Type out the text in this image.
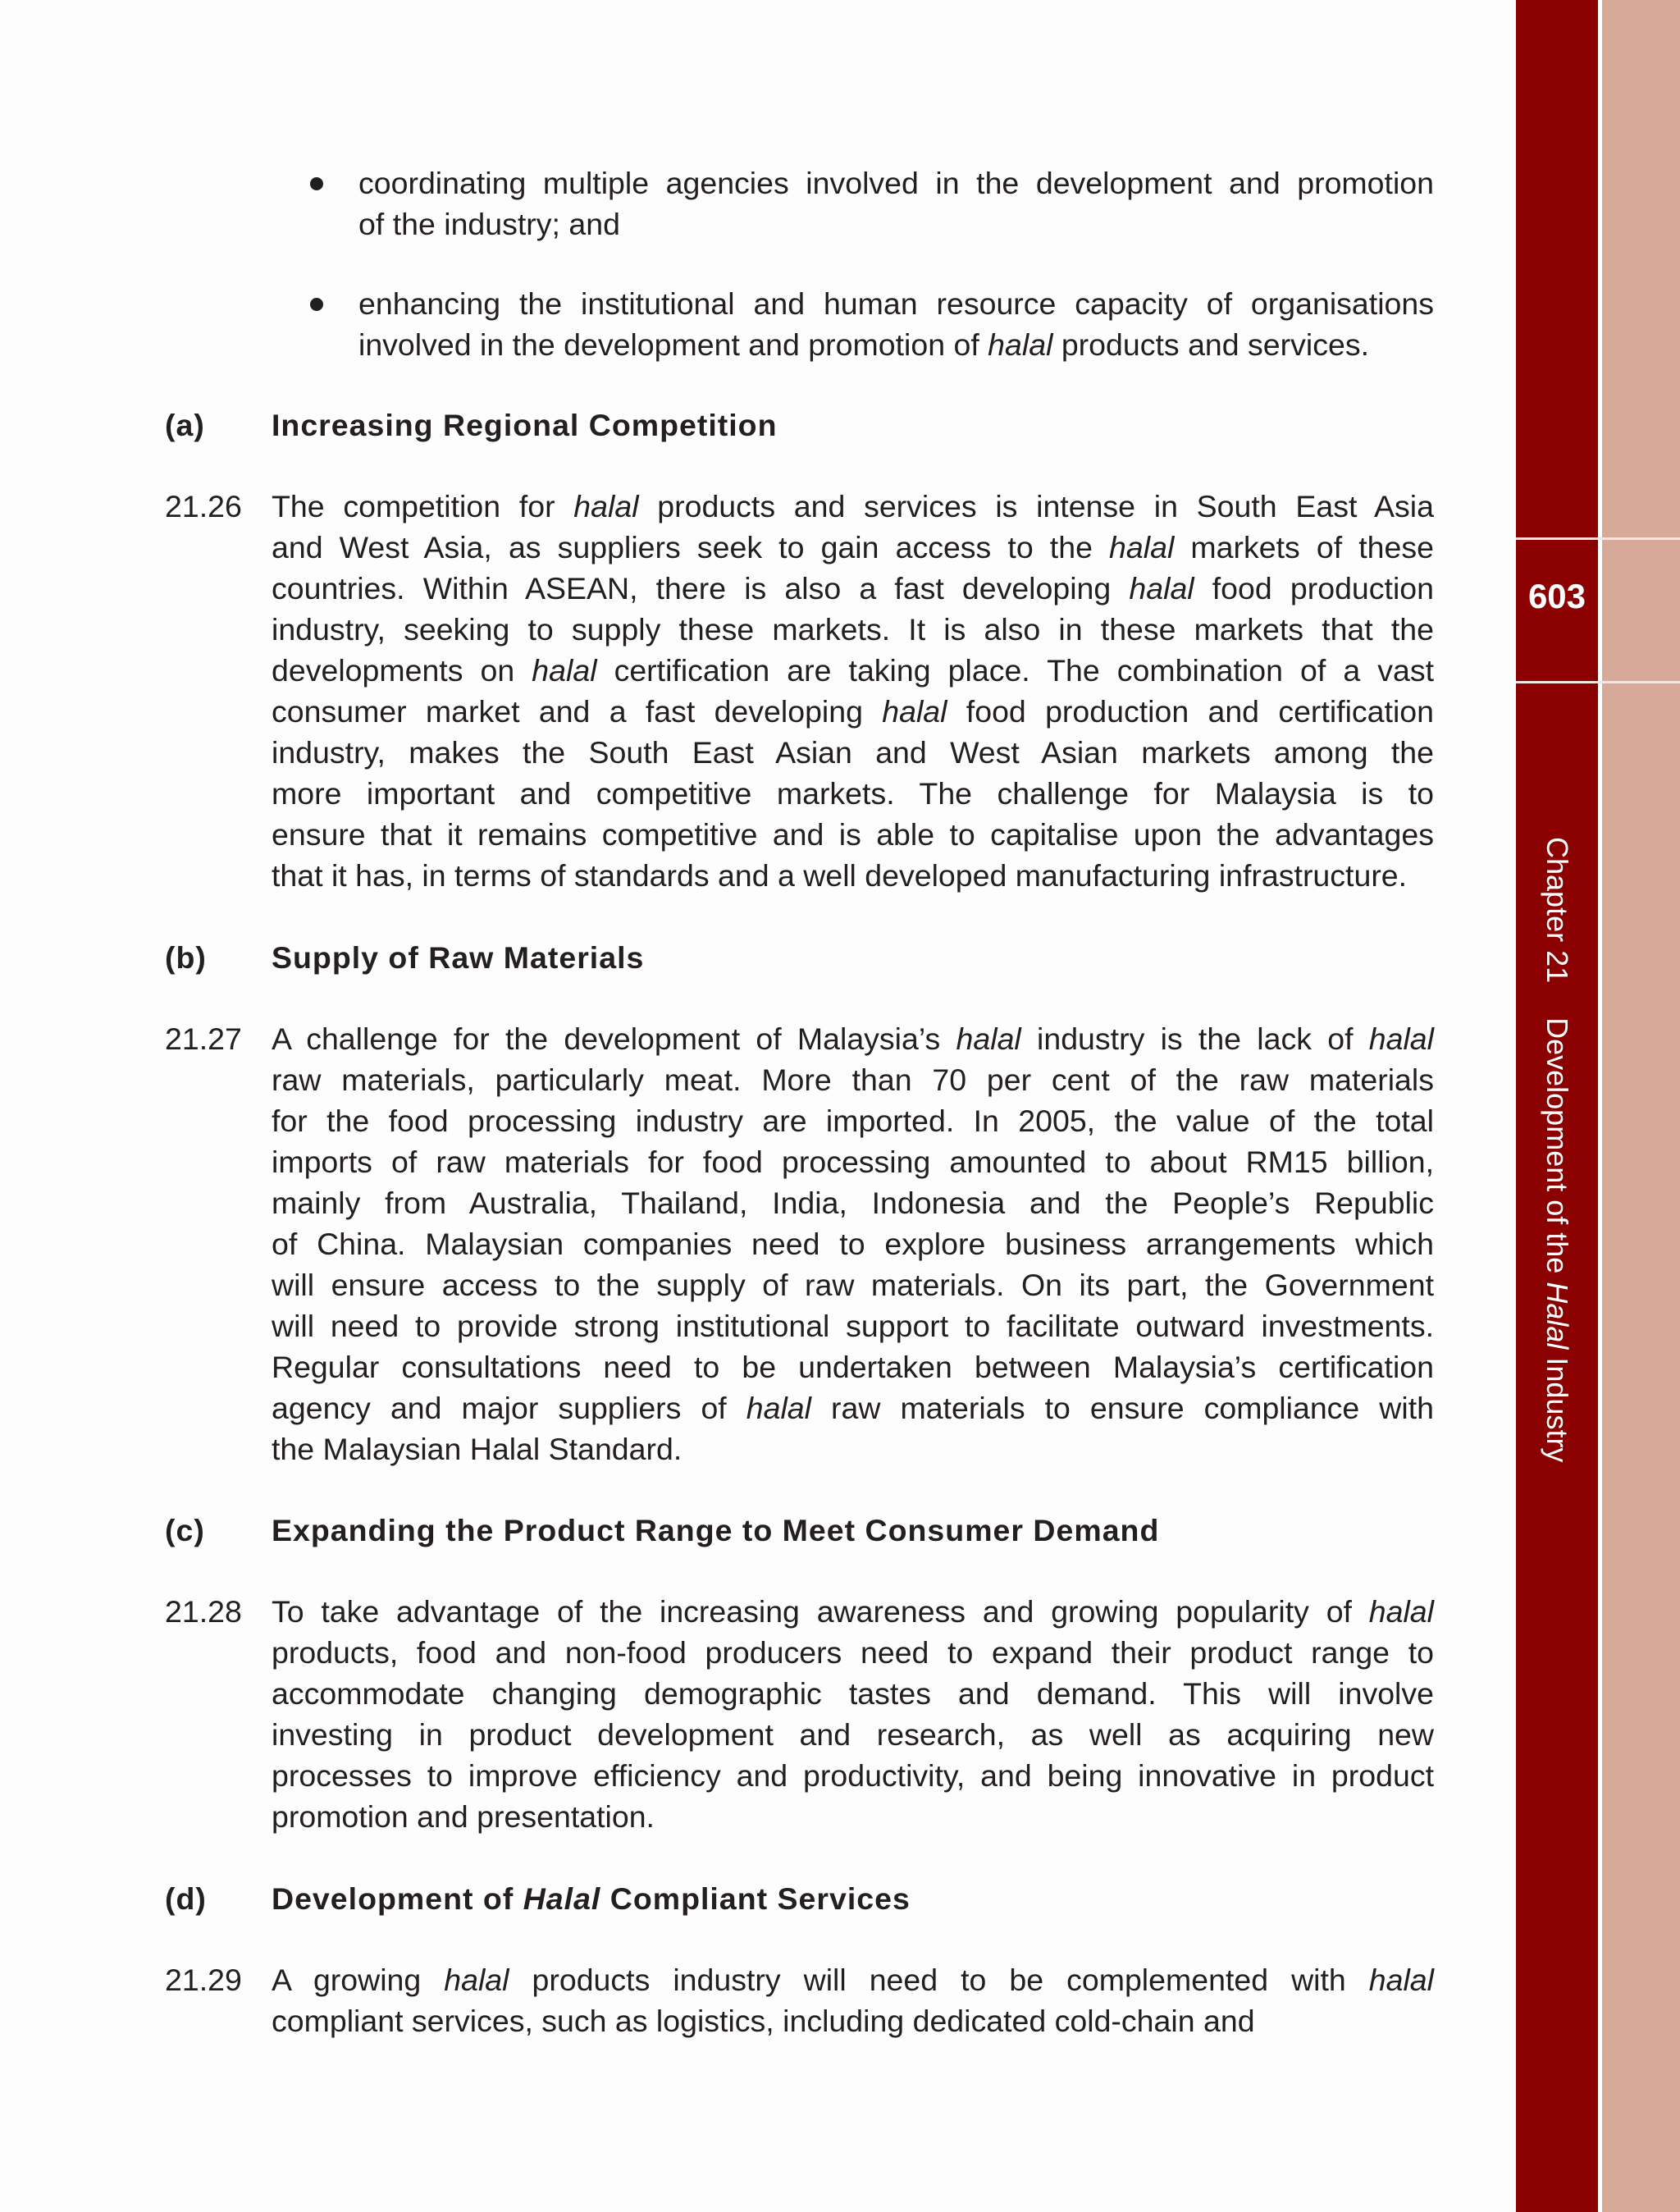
603
Chapter 21Development of the Halal Industry
coordinating multiple agencies involved in the development and promotion
of the industry; and
enhancing the institutional and human resource capacity of organisations
involved in the development and promotion of halal products and services.
(a) Increasing Regional Competition
21.26 The competition for halal products and services is intense in South East Asia
and West Asia, as suppliers seek to gain access to the halal markets of these
countries. Within ASEAN, there is also a fast developing halal food production
industry, seeking to supply these markets. It is also in these markets that the
developments on halal certification are taking place. The combination of a vast
consumer market and a fast developing halal food production and certification
industry, makes the South East Asian and West Asian markets among the
more important and competitive markets. The challenge for Malaysia is to
ensure that it remains competitive and is able to capitalise upon the advantages
that it has, in terms of standards and a well developed manufacturing infrastructure.
(b) Supply of Raw Materials
21.27 A challenge for the development of Malaysia’s halal industry is the lack of halal
raw materials, particularly meat. More than 70 per cent of the raw materials
for the food processing industry are imported. In 2005, the value of the total
imports of raw materials for food processing amounted to about RM15 billion,
mainly from Australia, Thailand, India, Indonesia and the People’s Republic
of China. Malaysian companies need to explore business arrangements which
will ensure access to the supply of raw materials. On its part, the Government
will need to provide strong institutional support to facilitate outward investments.
Regular consultations need to be undertaken between Malaysia’s certification
agency and major suppliers of halal raw materials to ensure compliance with
the Malaysian Halal Standard.
(c) Expanding the Product Range to Meet Consumer Demand
21.28 To take advantage of the increasing awareness and growing popularity of halal
products, food and non-food producers need to expand their product range to
accommodate changing demographic tastes and demand. This will involve
investing in product development and research, as well as acquiring new
processes to improve efficiency and productivity, and being innovative in product
promotion and presentation.
(d) Development of Halal Compliant Services
21.29 A growing halal products industry will need to be complemented with halal
compliant services, such as logistics, including dedicated cold-chain and
